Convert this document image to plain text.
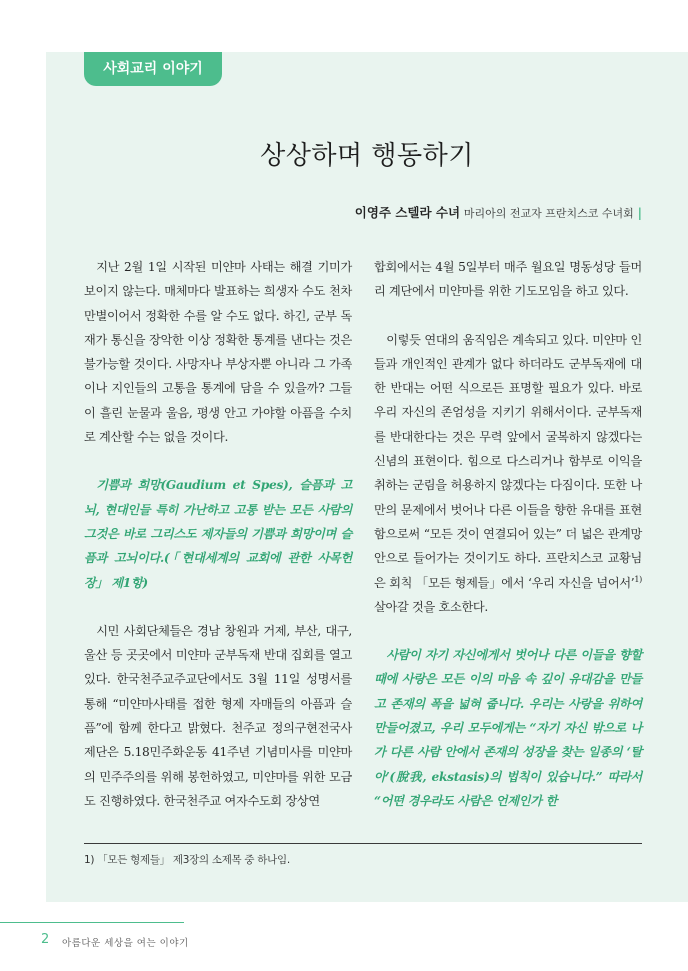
사회교리 이야기
상상하며 행동하기
이영주 스텔라 수녀 마리아의 전교자 프란치스코 수녀회 |

지난 2월 1일 시작된 미얀마 사태는 해결 기미가 보이지 않는다. 매체마다 발표하는 희생자 수도 천차만별이어서 정확한 수를 알 수도 없다. 하긴, 군부 독재가 통신을 장악한 이상 정확한 통계를 낸다는 것은 불가능할 것이다. 사망자나 부상자뿐 아니라 그 가족이나 지인들의 고통을 통계에 담을 수 있을까? 그들이 흘린 눈물과 울음, 평생 안고 가야할 아픔을 수치로 계산할 수는 없을 것이다.

기쁨과 희망(Gaudium et Spes), 슬픔과 고뇌, 현대인들 특히 가난하고 고통 받는 모든 사람의 그것은 바로 그리스도 제자들의 기쁨과 희망이며 슬픔과 고뇌이다.(「현대세계의 교회에 관한 사목헌장」 제1항)

시민 사회단체들은 경남 창원과 거제, 부산, 대구, 울산 등 곳곳에서 미얀마 군부독재 반대 집회를 열고 있다. 한국천주교주교단에서도 3월 11일 성명서를 통해 “미얀마사태를 접한 형제 자매들의 아픔과 슬픔”에 함께 한다고 밝혔다. 천주교 정의구현전국사제단은 5.18민주화운동 41주년 기념미사를 미얀마의 민주주의를 위해 봉헌하였고, 미얀마를 위한 모금도 진행하였다. 한국천주교 여자수도회 장상연

합회에서는 4월 5일부터 매주 월요일 명동성당 들머리 계단에서 미얀마를 위한 기도모임을 하고 있다.

이렇듯 연대의 움직임은 계속되고 있다. 미얀마 인들과 개인적인 관계가 없다 하더라도 군부독재에 대한 반대는 어떤 식으로든 표명할 필요가 있다. 바로 우리 자신의 존엄성을 지키기 위해서이다. 군부독재를 반대한다는 것은 무력 앞에서 굴복하지 않겠다는 신념의 표현이다. 힘으로 다스리거나 함부로 이익을 취하는 군림을 허용하지 않겠다는 다짐이다. 또한 나만의 문제에서 벗어나 다른 이들을 향한 유대를 표현함으로써 “모든 것이 연결되어 있는” 더 넓은 관계망 안으로 들어가는 것이기도 하다. 프란치스코 교황님은 회칙 「모든 형제들」에서 ‘우리 자신을 넘어서’$^{1)}$ 살아갈 것을 호소한다.

사람이 자기 자신에게서 벗어나 다른 이들을 향할 때에 사랑은 모든 이의 마음 속 깊이 유대감을 만들고 존재의 폭을 넓혀 줍니다. 우리는 사랑을 위하여 만들어졌고, 우리 모두에게는 “자기 자신 밖으로 나가 다른 사람 안에서 존재의 성장을 찾는 일종의 ‘탈아’(脫我, ekstasis)의 법칙이 있습니다.” 따라서 “어떤 경우라도 사람은 언제인가 한

1) 「모든 형제들」 제3장의 소제목 중 하나임.
2 아름다운 세상을 여는 이야기
